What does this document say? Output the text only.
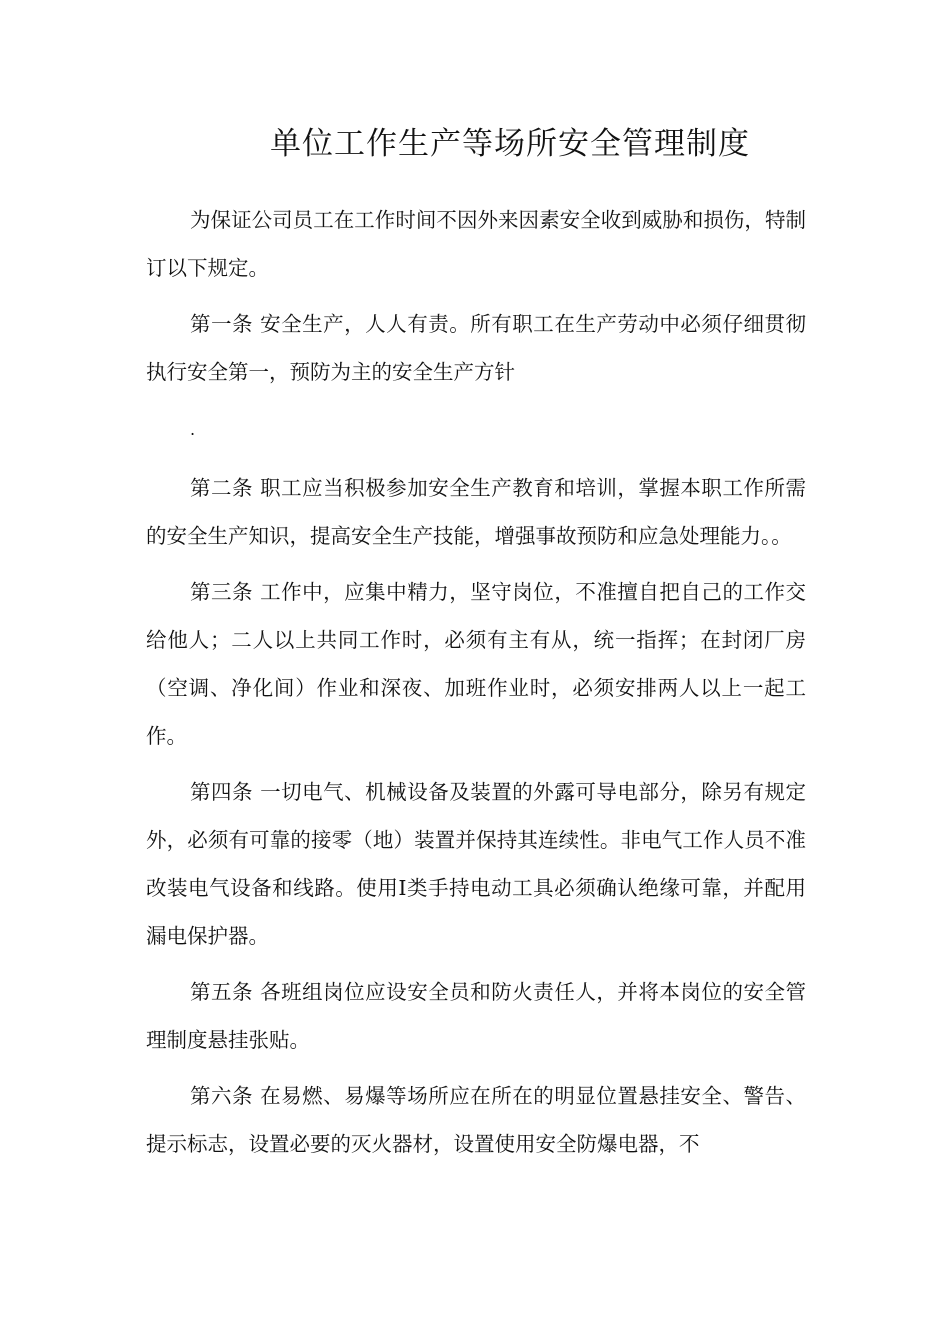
单位工作生产等场所安全管理制度

为保证公司员工在工作时间不因外来因素安全收到威胁和损伤，特制订以下规定。

第一条 安全生产，人人有责。所有职工在生产劳动中必须仔细贯彻执行安全第一，预防为主的安全生产方针

.

第二条 职工应当积极参加安全生产教育和培训，掌握本职工作所需的安全生产知识，提高安全生产技能，增强事故预防和应急处理能力。。

第三条 工作中，应集中精力，坚守岗位，不准擅自把自己的工作交给他人；二人以上共同工作时，必须有主有从，统一指挥；在封闭厂房（空调、净化间）作业和深夜、加班作业时，必须安排两人以上一起工作。

第四条 一切电气、机械设备及装置的外露可导电部分，除另有规定外，必须有可靠的接零（地）装置并保持其连续性。非电气工作人员不准改装电气设备和线路。使用Ⅰ类手持电动工具必须确认绝缘可靠，并配用漏电保护器。

第五条 各班组岗位应设安全员和防火责任人，并将本岗位的安全管理制度悬挂张贴。

第六条 在易燃、易爆等场所应在所在的明显位置悬挂安全、警告、提示标志，设置必要的灭火器材，设置使用安全防爆电器，不
